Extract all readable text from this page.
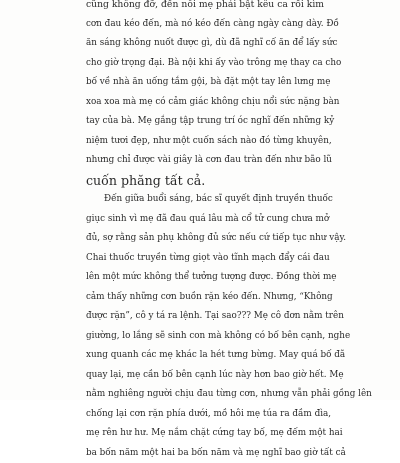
cũng không đỡ, đến nỗi mẹ phải bật kêu ca rồi kìm
cơn đau kéo đến, mà nó kéo đến càng ngày càng dày. Đồ
ăn sáng không nuốt được gì, dù đã nghĩ cố ăn để lấy sức
cho giờ trọng đại. Bà nội khi ấy vào trông mẹ thay ca cho
bố về nhà ăn uống tắm gội, bà đặt một tay lên lưng mẹ
xoa xoa mà mẹ có cảm giác không chịu nổi sức nặng bàn
tay của bà. Mẹ gắng tập trung trí óc nghĩ đến những kỷ
niệm tươi đẹp, như một cuốn sách nào đó từng khuyên,
nhưng chỉ được vài giây là cơn đau tràn đến như bão lũ
cuốn phăng tất cả.
Đến giữa buổi sáng, bác sĩ quyết định truyền thuốc
giục sinh vì mẹ đã đau quá lâu mà cổ tử cung chưa mở
đủ, sợ rằng sản phụ không đủ sức nếu cứ tiếp tục như vậy.
Chai thuốc truyền từng giọt vào tĩnh mạch đẩy cái đau
lên một mức không thể tưởng tượng được. Đồng thời mẹ
cảm thấy những cơn buồn rặn kéo đến. Nhưng, “Không
được rặn”, cô y tá ra lệnh. Tại sao??? Mẹ cô đơn nằm trên
giường, lo lắng sẽ sinh con mà không có bố bên cạnh, nghe
xung quanh các mẹ khác la hét tưng bừng. May quá bố đã
quay lại, mẹ cần bố bên cạnh lúc này hơn bao giờ hết. Mẹ
nằm nghiêng người chịu đau từng cơn, nhưng vẫn phải gồng lên
chống lại cơn rặn phía dưới, mồ hôi mẹ túa ra đầm đìa,
mẹ rên hư hư. Mẹ nắm chặt cứng tay bố, mẹ đếm một hai
ba bốn năm một hai ba bốn năm và mẹ nghĩ bao giờ tất cả
